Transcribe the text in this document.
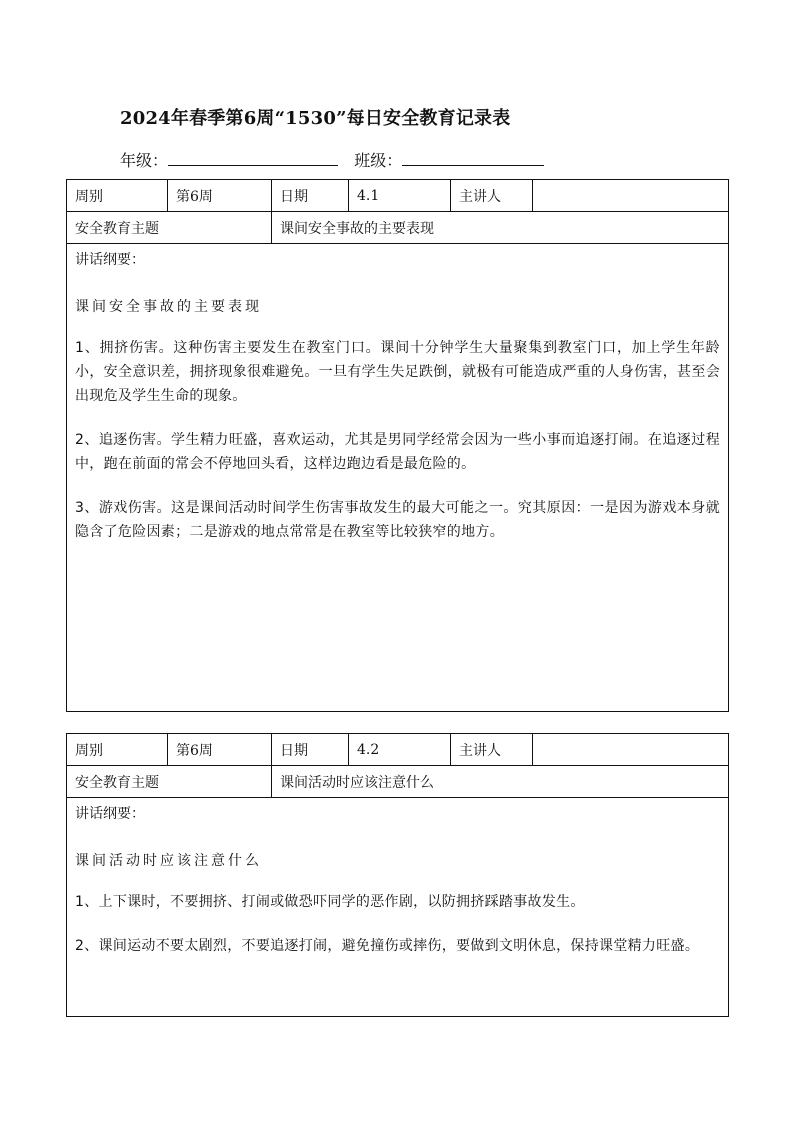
2024年春季第6周“1530”每日安全教育记录表
年级：	班级：
周别	第6周	日期	4.1	主讲人	
安全教育主题		课间安全事故的主要表现			

讲话纲要：
课间安全事故的主要表现
1、拥挤伤害。这种伤害主要发生在教室门口。课间十分钟学生大量聚集到教室门口，加上学生年龄小，安全意识差，拥挤现象很难避免。一旦有学生失足跌倒，就极有可能造成严重的人身伤害，甚至会出现危及学生生命的现象。
2、追逐伤害。学生精力旺盛，喜欢运动，尤其是男同学经常会因为一些小事而追逐打闹。在追逐过程中，跑在前面的常会不停地回头看，这样边跑边看是最危险的。
3、游戏伤害。这是课间活动时间学生伤害事故发生的最大可能之一。究其原因：一是因为游戏本身就隐含了危险因素；二是游戏的地点常常是在教室等比较狭窄的地方。					
周别	第6周	日期	4.2	主讲人	
安全教育主题		课间活动时应该注意什么			

讲话纲要：
课间活动时应该注意什么
1、上下课时，不要拥挤、打闹或做恐吓同学的恶作剧，以防拥挤踩踏事故发生。
2、课间运动不要太剧烈，不要追逐打闹，避免撞伤或摔伤，要做到文明休息，保持课堂精力旺盛。					
